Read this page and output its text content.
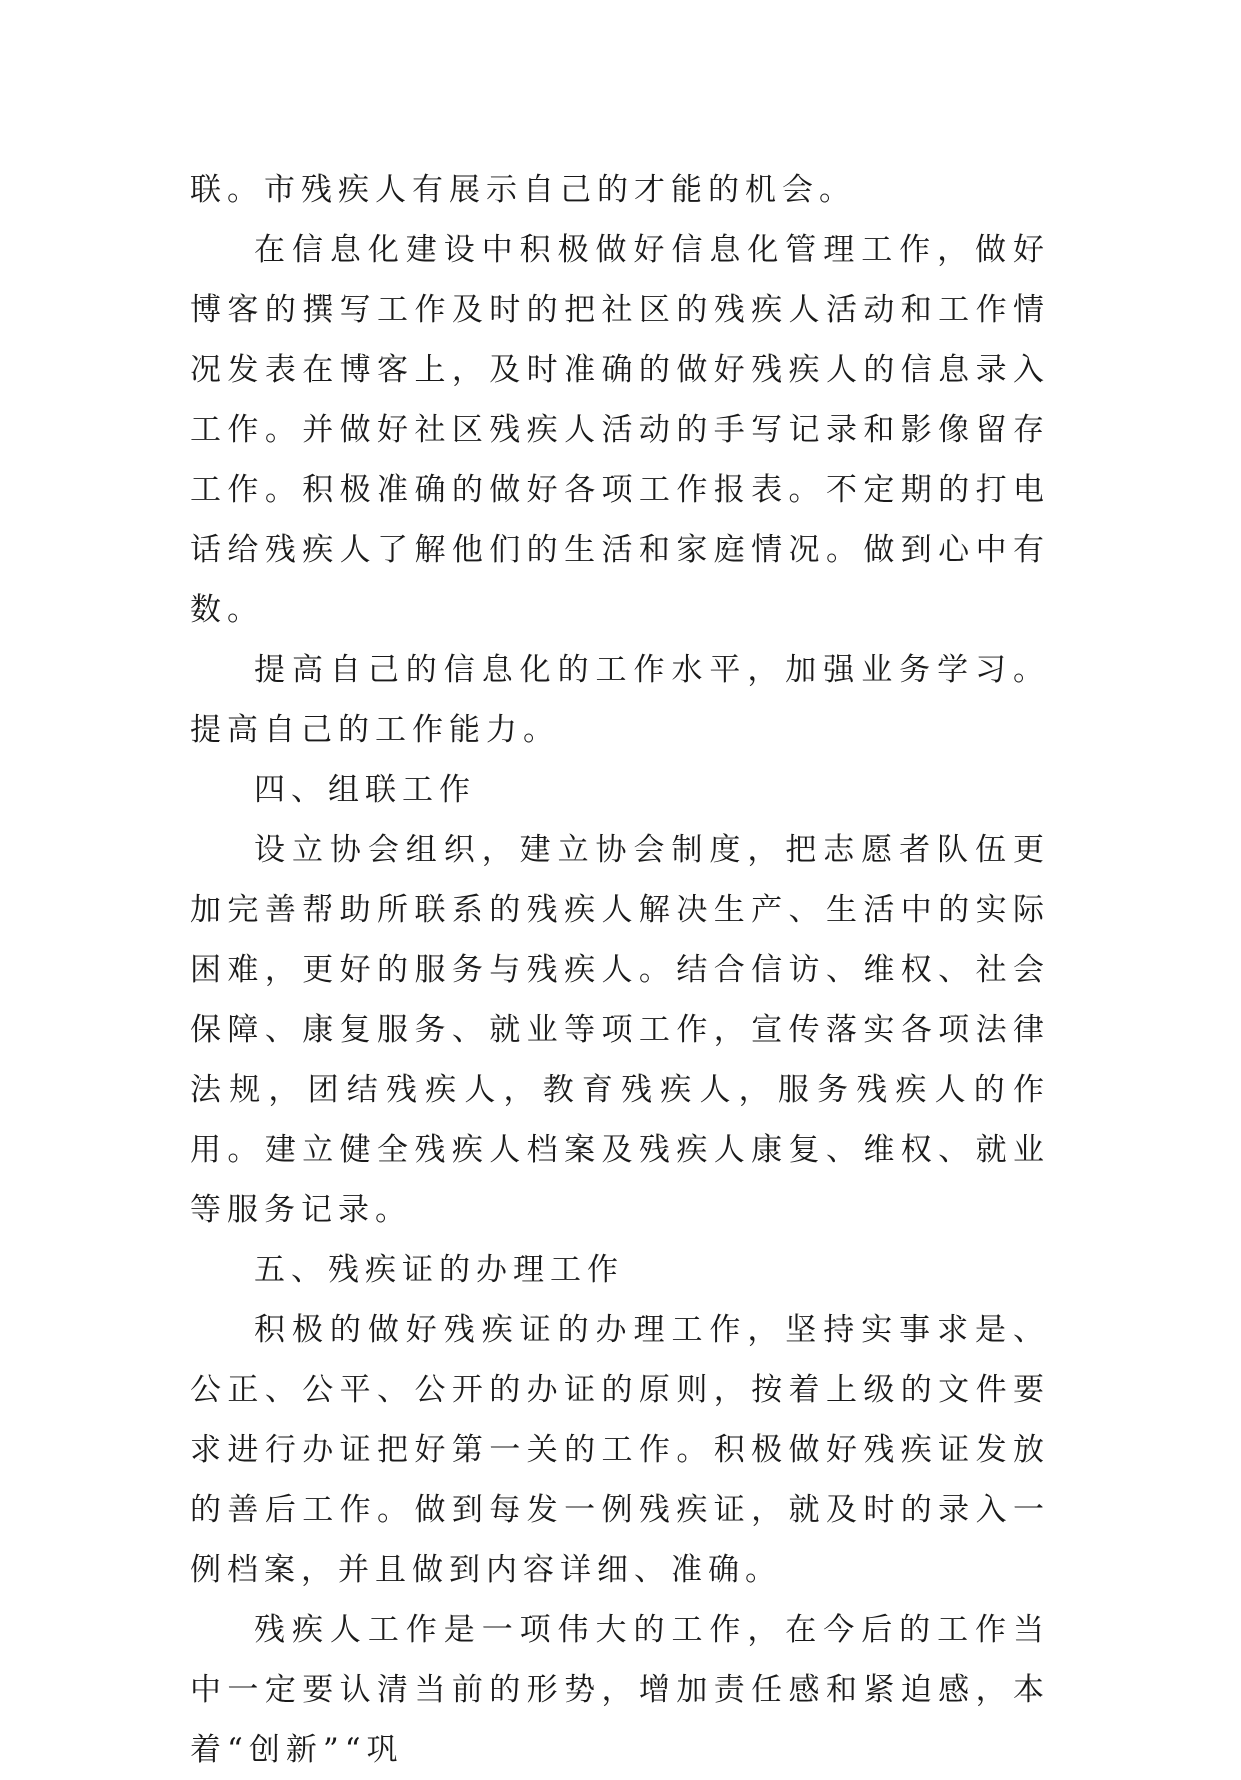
联。市残疾人有展示自己的才能的机会。

在信息化建设中积极做好信息化管理工作，做好博客的撰写工作及时的把社区的残疾人活动和工作情况发表在博客上，及时准确的做好残疾人的信息录入工作。并做好社区残疾人活动的手写记录和影像留存工作。积极准确的做好各项工作报表。不定期的打电话给残疾人了解他们的生活和家庭情况。做到心中有数。

提高自己的信息化的工作水平，加强业务学习。提高自己的工作能力。

四、组联工作

设立协会组织，建立协会制度，把志愿者队伍更加完善帮助所联系的残疾人解决生产、生活中的实际困难，更好的服务与残疾人。结合信访、维权、社会保障、康复服务、就业等项工作，宣传落实各项法律法规，团结残疾人，教育残疾人，服务残疾人的作用。建立健全残疾人档案及残疾人康复、维权、就业等服务记录。

五、残疾证的办理工作

积极的做好残疾证的办理工作，坚持实事求是、公正、公平、公开的办证的原则，按着上级的文件要求进行办证把好第一关的工作。积极做好残疾证发放的善后工作。做到每发一例残疾证，就及时的录入一例档案，并且做到内容详细、准确。

残疾人工作是一项伟大的工作，在今后的工作当中一定要认清当前的形势，增加责任感和紧迫感，本着“创新”“巩
